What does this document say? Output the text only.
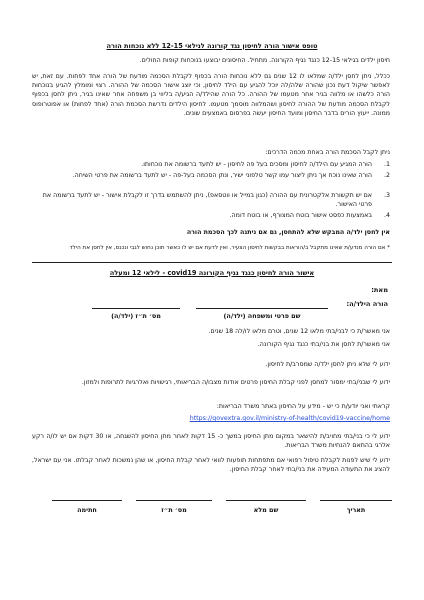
טופס אישור הורה לחיסון נגד קורונה לנילאי 12-15 ללא נוכחות הורה
חיסון ילדים בגילאי 12-15 כנגד נגיף הקורונה. מתחיל. החיסונים יבוצעו בנוכחות קופות החולים.
ככלל, ניתן לחסן ילד/ה שמלאו לו 12 שנים גם ללא נוכחות הורה בכפוף לקבלת הסכמה מודעת של הורה אחד לפחות. עם זאת, יש לאפשר שיקול דעת נכון שהורה שלה/לה יוכל להגיע עם הילד לחיסון, וכי יוצג אישור הסכמה של ההורה. רצוי ומומלץ להגיע בנוכחות הורה כלשהו או מלווה בגיר אחר מטעמו של ההורה. כל הורה שהילד/ה הגיע/ה בליווי בן משפחה אחר שאינו בגיר, ניתן לחסן בכפוף לקבלת הסכמה מודעת של ההורה לחיסון ושהמלווה מוסמך מטעמו. לחיסון הילדים נדרשת הסכמת הורה (אחד לפחות) או אפוטרופוס ממונה. ייעוץ הורים בדבר החיסון ומועד החיסון יעשה בפרסום באמצעים שונים.
ניתן לקבל הסכמת הורה באחת מכמה הדרכים:
1.
הורה המגיע עם הילד/ה לחיסון ומסכים בעל פה לחיסון - יש לתעד ברשומה את נוכחותו.
2.
הורה שאינו נוכח אך ניתן ליצור עמו קשר טלפוני ישיר, ונתן הסכמה בעל-פה - יש לתעד ברשומה את פרטי השיחה.
3.
אם יש תקשורת אלקטרונית עם ההורה (כגון במייל או ווטסאפ), ניתן להשתמש בדרך זו לקבלת אישור - יש לתעד ברשומה את פרטי האישור.
4.
באמצעות כפסט אישור בוטח המצורף, או בוטח דומה.
אין לחסן ילד/ה המבקש שלא להתחסן, גם אם ניתנה לכך הסכמת הורה
* אם הורה מנדע/ת שאינו מתקבל ב/הוראות בבקשות לחיסון הצעיר, ואין לדעת אם יש לו כאשר תוכן נחוש לגבי ונכנס, אין לחסן את הילד
אישור הורה לחיסון כנגד נגיף הקורונה covid19 - לילאי 12 ומעלה
מאת:
הורה הילד/ה:
שם פרטי ומשפחה (ילד/ה)
מס׳ ת״ז (ילד/ה)
אני מאשר/ת כי לבני/בתי מלאו 12 שנים, וטרם מלאו לו/לה 18 שנים.
אני מאשר/ת לחסן את בני/בתי כנגד נגיף הקורונה.
ידוע לי שלא ניתן לחסן ילד/ה שמסרב/ת לחיסון.
ידוע לי שבני/בתי ימסור למחסן לפני קבלת החיסון פרטים אודות מצבו/ה הבריאותי, רגישויות ואלרגיות לתרופות ולמזון.
קראתי ואני יודע/ת כי יש - מידע על החיסון באתר משרד הבריאות:
https://govextra.gov.il/ministry-of-health/covid19-vaccine/home
ידוע לי כי בני/בתי מחויב/ת להישאר במקום מתן החיסון במשך כ- 15 דקות לאחר מתן החיסון להשגחה, או 30 דקות אם יש לו/ה רקע אלרגי בהתאם להנחיות משרד הבריאות.
ידוע לי שיש לפנות לקבלת טיפול רפואי אם מתפתחות תופעות לוואי לאחר קבלת החיסון, או שהן נמשכות לאחר קבלתו. אני עם ישראל, להציג את התעודה המעידה את בני/בתי לאחר קבלת החיסון.
תאריך
שם מלא
מס׳ ת״ז
חתימה
